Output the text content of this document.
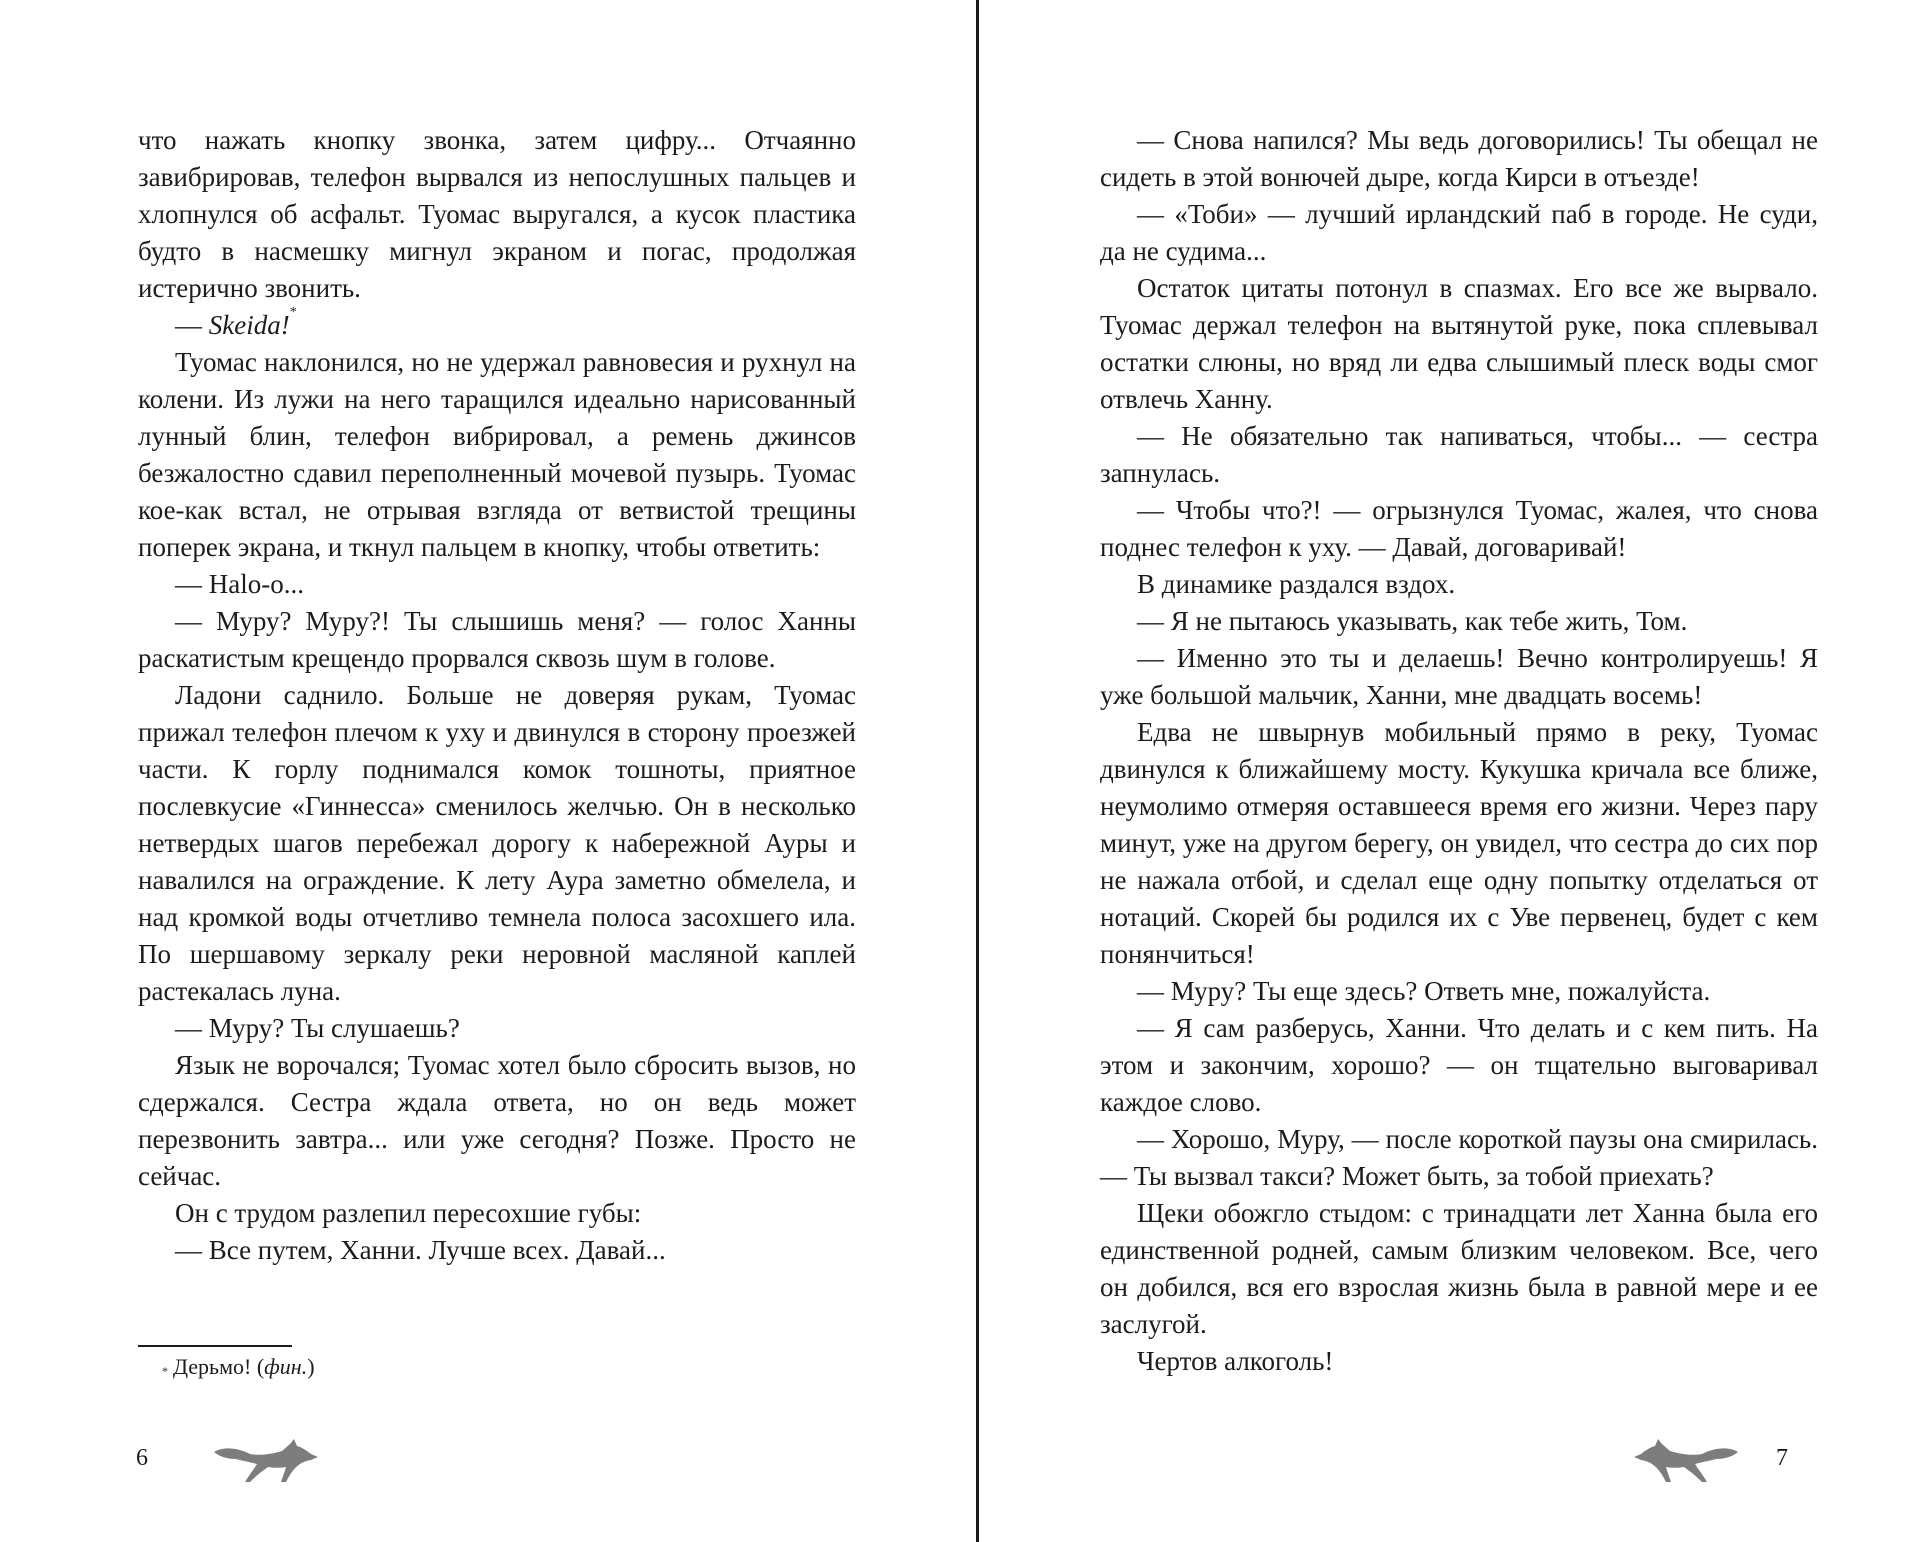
что нажать кнопку звонка, затем цифру... Отчаянно завибрировав, телефон вырвался из непослушных пальцев и хлопнулся об асфальт. Туомас выругался, а кусок пластика будто в насмешку мигнул экраном и погас, продолжая истерично звонить.

— Skeida!*

Туомас наклонился, но не удержал равновесия и рухнул на колени. Из лужи на него таращился идеально нарисованный лунный блин, телефон вибрировал, а ремень джинсов безжалостно сдавил переполненный мочевой пузырь. Туомас кое-как встал, не отрывая взгляда от ветвистой трещины поперек экрана, и ткнул пальцем в кнопку, чтобы ответить:

— Halo-o...

— Муру? Муру?! Ты слышишь меня? — голос Ханны раскатистым крещендо прорвался сквозь шум в голове.

Ладони саднило. Больше не доверяя рукам, Туомас прижал телефон плечом к уху и двинулся в сторону проезжей части. К горлу поднимался комок тошноты, приятное послевкусие «Гиннесса» сменилось желчью. Он в несколько нетвердых шагов перебежал дорогу к набережной Ауры и навалился на ограждение. К лету Аура заметно обмелела, и над кромкой воды отчетливо темнела полоса засохшего ила. По шершавому зеркалу реки неровной масляной каплей растекалась луна.

— Муру? Ты слушаешь?

Язык не ворочался; Туомас хотел было сбросить вызов, но сдержался. Сестра ждала ответа, но он ведь может перезвонить завтра... или уже сегодня? Позже. Просто не сейчас.

Он с трудом разлепил пересохшие губы:

— Все путем, Ханни. Лучше всех. Давай...

* Дерьмо! (фин.)
6

— Снова напился? Мы ведь договорились! Ты обещал не сидеть в этой вонючей дыре, когда Кирси в отъезде!

— «Тоби» — лучший ирландский паб в городе. Не суди, да не судима...

Остаток цитаты потонул в спазмах. Его все же вырвало. Туомас держал телефон на вытянутой руке, пока сплевывал остатки слюны, но вряд ли едва слышимый плеск воды смог отвлечь Ханну.

— Не обязательно так напиваться, чтобы... — сестра запнулась.

— Чтобы что?! — огрызнулся Туомас, жалея, что снова поднес телефон к уху. — Давай, договаривай!

В динамике раздался вздох.

— Я не пытаюсь указывать, как тебе жить, Том.

— Именно это ты и делаешь! Вечно контролируешь! Я уже большой мальчик, Ханни, мне двадцать восемь!

Едва не швырнув мобильный прямо в реку, Туомас двинулся к ближайшему мосту. Кукушка кричала все ближе, неумолимо отмеряя оставшееся время его жизни. Через пару минут, уже на другом берегу, он увидел, что сестра до сих пор не нажала отбой, и сделал еще одну попытку отделаться от нотаций. Скорей бы родился их с Уве первенец, будет с кем понянчиться!

— Муру? Ты еще здесь? Ответь мне, пожалуйста.

— Я сам разберусь, Ханни. Что делать и с кем пить. На этом и закончим, хорошо? — он тщательно выговаривал каждое слово.

— Хорошо, Муру, — после короткой паузы она смирилась. — Ты вызвал такси? Может быть, за тобой приехать?

Щеки обожгло стыдом: с тринадцати лет Ханна была его единственной родней, самым близким человеком. Все, чего он добился, вся его взрослая жизнь была в равной мере и ее заслугой.

Чертов алкоголь!

7
